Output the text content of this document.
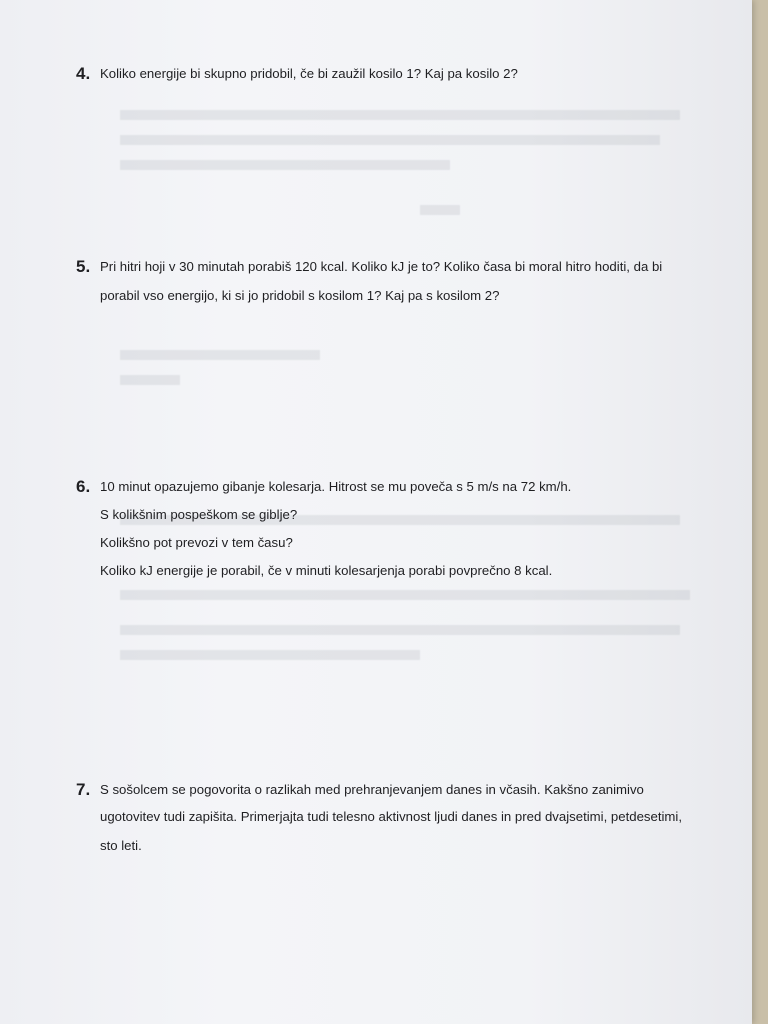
4. Koliko energije bi skupno pridobil, če bi zaužil kosilo 1? Kaj pa kosilo 2?
5. Pri hitri hoji v 30 minutah porabiš 120 kcal. Koliko kJ je to? Koliko časa bi moral hitro hoditi, da bi
porabil vso energijo, ki si jo pridobil s kosilom 1? Kaj pa s kosilom 2?
6. 10 minut opazujemo gibanje kolesarja. Hitrost se mu poveča s 5 m/s na 72 km/h.
S kolikšnim pospeškom se giblje?
Kolikšno pot prevozi v tem času?
Koliko kJ energije je porabil, če v minuti kolesarjenja porabi povprečno 8 kcal.
7. S sošolcem se pogovorita o razlikah med prehranjevanjem danes in včasih. Kakšno zanimivo
ugotovitev tudi zapišita. Primerjajta tudi telesno aktivnost ljudi danes in pred dvajsetimi, petdesetimi,
sto leti.
